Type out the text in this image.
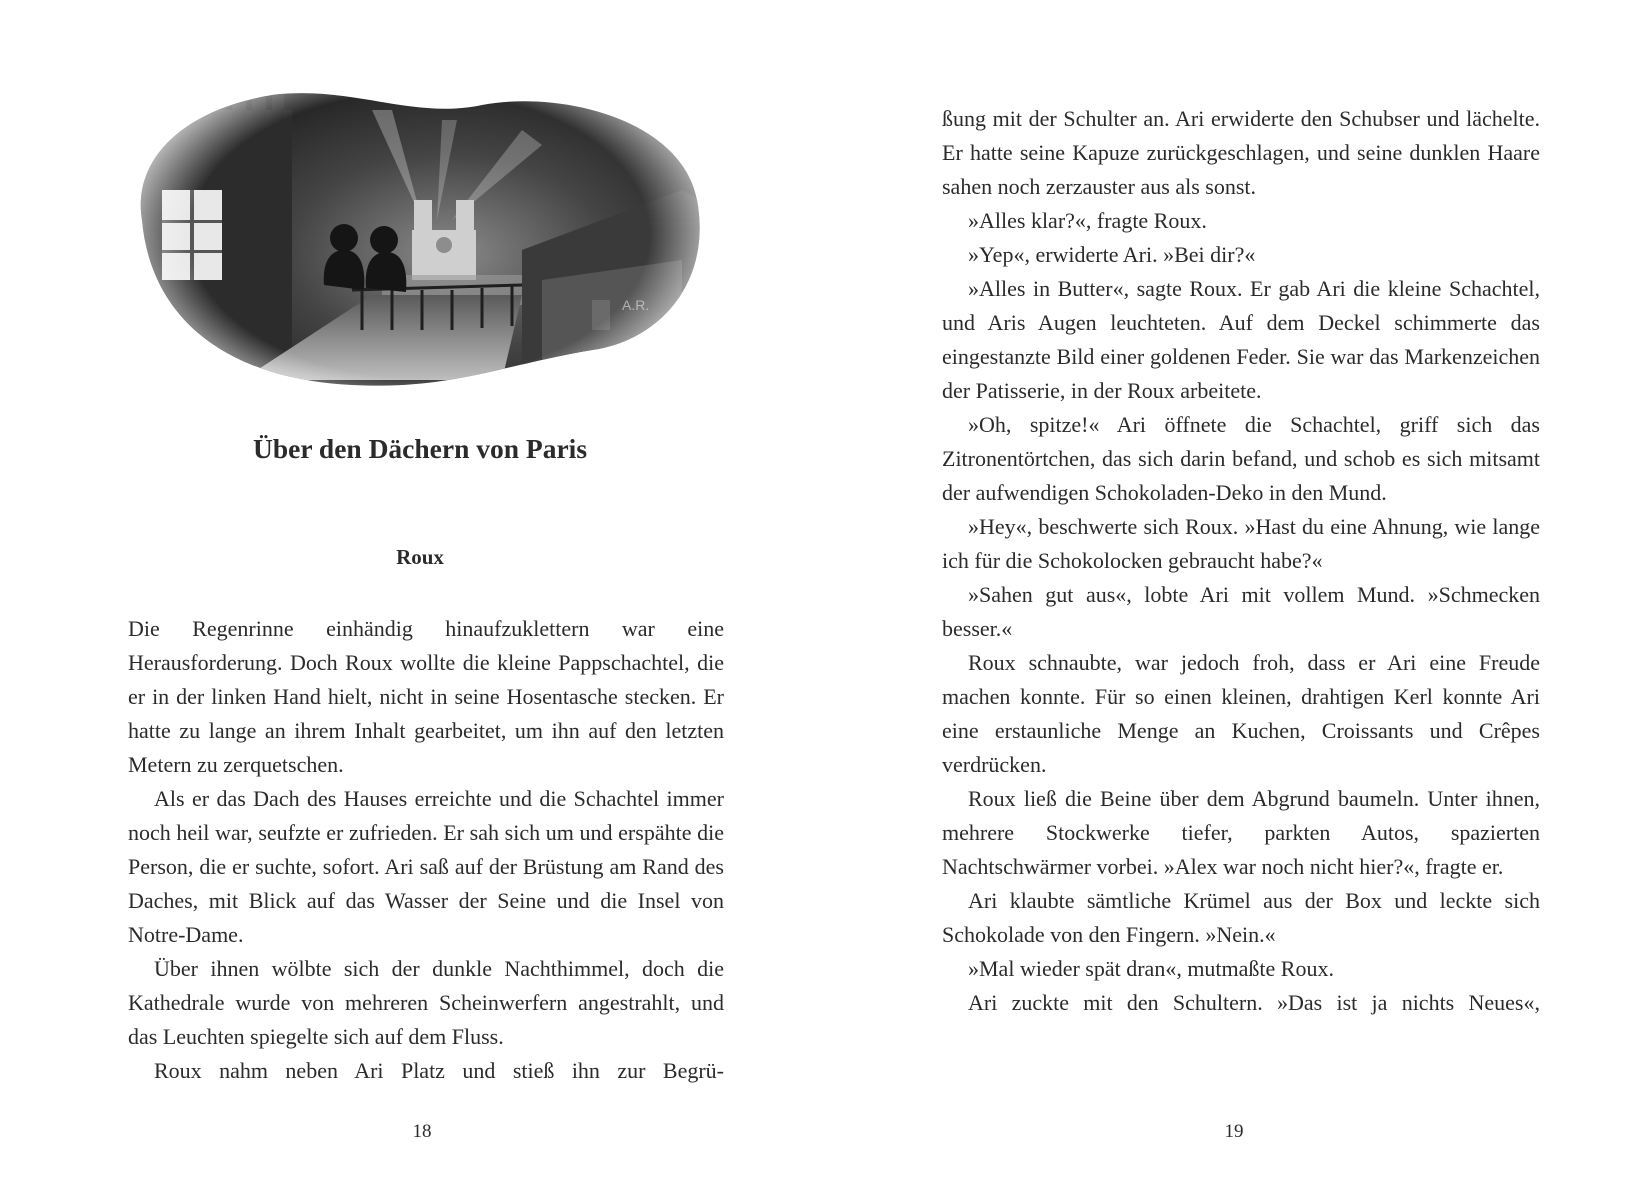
Über den Dächern von Paris
Roux

Die Regenrinne einhändig hinaufzuklettern war eine Herausforderung. Doch Roux wollte die kleine Pappschachtel, die er in der linken Hand hielt, nicht in seine Hosentasche stecken. Er hatte zu lange an ihrem Inhalt gearbeitet, um ihn auf den letzten Metern zu zerquetschen.

Als er das Dach des Hauses erreichte und die Schachtel immer noch heil war, seufzte er zufrieden. Er sah sich um und erspähte die Person, die er suchte, sofort. Ari saß auf der Brüstung am Rand des Daches, mit Blick auf das Wasser der Seine und die Insel von Notre-Dame.

Über ihnen wölbte sich der dunkle Nachthimmel, doch die Kathedrale wurde von mehreren Scheinwerfern angestrahlt, und das Leuchten spiegelte sich auf dem Fluss.

Roux nahm neben Ari Platz und stieß ihn zur Begrü-

18

ßung mit der Schulter an. Ari erwiderte den Schubser und lächelte. Er hatte seine Kapuze zurückgeschlagen, und seine dunklen Haare sahen noch zerzauster aus als sonst.

»Alles klar?«, fragte Roux.

»Yep«, erwiderte Ari. »Bei dir?«

»Alles in Butter«, sagte Roux. Er gab Ari die kleine Schachtel, und Aris Augen leuchteten. Auf dem Deckel schimmerte das eingestanzte Bild einer goldenen Feder. Sie war das Markenzeichen der Patisserie, in der Roux arbeitete.

»Oh, spitze!« Ari öffnete die Schachtel, griff sich das Zitronentörtchen, das sich darin befand, und schob es sich mitsamt der aufwendigen Schokoladen-Deko in den Mund.

»Hey«, beschwerte sich Roux. »Hast du eine Ahnung, wie lange ich für die Schokolocken gebraucht habe?«

»Sahen gut aus«, lobte Ari mit vollem Mund. »Schmecken besser.«

Roux schnaubte, war jedoch froh, dass er Ari eine Freude machen konnte. Für so einen kleinen, drahtigen Kerl konnte Ari eine erstaunliche Menge an Kuchen, Croissants und Crêpes verdrücken.

Roux ließ die Beine über dem Abgrund baumeln. Unter ihnen, mehrere Stockwerke tiefer, parkten Autos, spazierten Nachtschwärmer vorbei. »Alex war noch nicht hier?«, fragte er.

Ari klaubte sämtliche Krümel aus der Box und leckte sich Schokolade von den Fingern. »Nein.«

»Mal wieder spät dran«, mutmaßte Roux.

Ari zuckte mit den Schultern. »Das ist ja nichts Neues«,

19
